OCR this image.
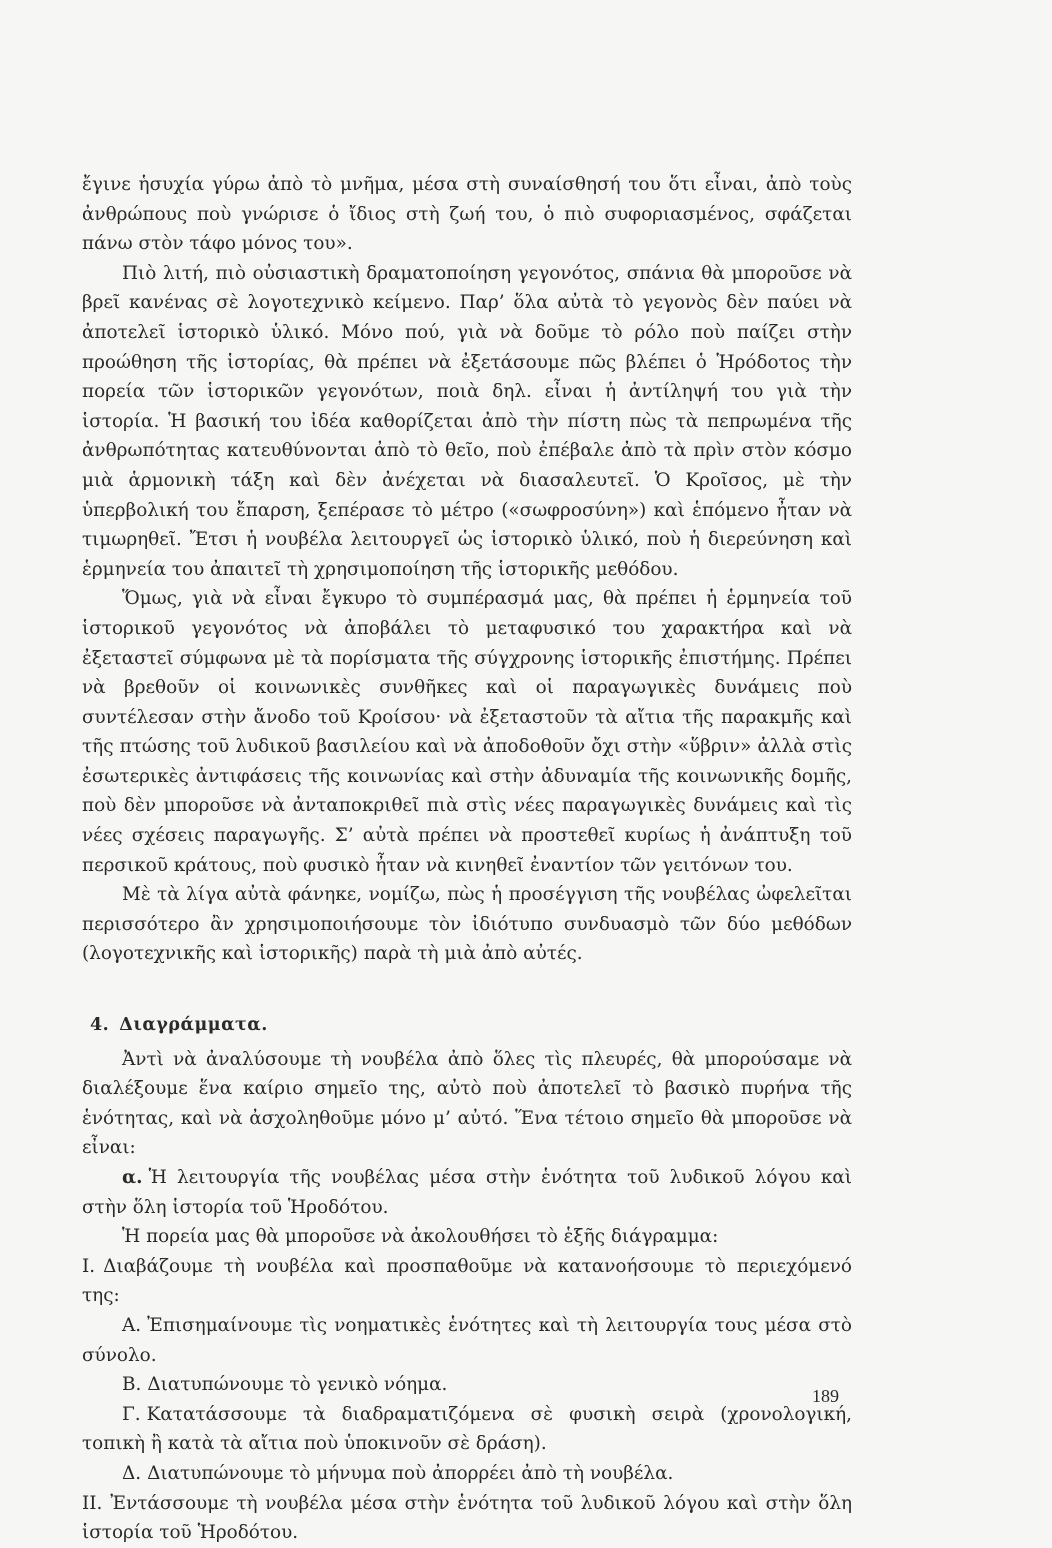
ἔγινε ἡσυχία γύρω ἀπὸ τὸ μνῆμα, μέσα στὴ συναίσθησή του ὅτι εἶναι, ἀπὸ τοὺς ἀνθρώπους ποὺ γνώρισε ὁ ἴδιος στὴ ζωή του, ὁ πιὸ συφοριασμένος, σφάζεται πάνω στὸν τάφο μόνος του».

Πιὸ λιτή, πιὸ οὐσιαστικὴ δραματοποίηση γεγονότος, σπάνια θὰ μποροῦσε νὰ βρεῖ κανένας σὲ λογοτεχνικὸ κείμενο. Παρ’ ὅλα αὐτὰ τὸ γεγονὸς δὲν παύει νὰ ἀποτελεῖ ἱστορικὸ ὑλικό. Μόνο πού, γιὰ νὰ δοῦμε τὸ ρόλο ποὺ παίζει στὴν προώθηση τῆς ἱστορίας, θὰ πρέπει νὰ ἐξετάσουμε πῶς βλέπει ὁ Ἡρόδοτος τὴν πορεία τῶν ἱστορικῶν γεγονότων, ποιὰ δηλ. εἶναι ἡ ἀντίληψή του γιὰ τὴν ἱστορία. Ἡ βασική του ἰδέα καθορίζεται ἀπὸ τὴν πίστη πὼς τὰ πεπρωμένα τῆς ἀνθρωπότητας κατευθύνονται ἀπὸ τὸ θεῖο, ποὺ ἐπέβαλε ἀπὸ τὰ πρὶν στὸν κόσμο μιὰ ἁρμονικὴ τάξη καὶ δὲν ἀνέχεται νὰ διασαλευτεῖ. Ὁ Κροῖσος, μὲ τὴν ὑπερβολική του ἔπαρση, ξεπέρασε τὸ μέτρο («σωφροσύνη») καὶ ἑπόμενο ἦταν νὰ τιμωρηθεῖ. Ἔτσι ἡ νουβέλα λειτουργεῖ ὡς ἱστορικὸ ὑλικό, ποὺ ἡ διερεύνηση καὶ ἑρμηνεία του ἀπαιτεῖ τὴ χρησιμοποίηση τῆς ἱστορικῆς μεθόδου.

Ὅμως, γιὰ νὰ εἶναι ἔγκυρο τὸ συμπέρασμά μας, θὰ πρέπει ἡ ἑρμηνεία τοῦ ἱστορικοῦ γεγονότος νὰ ἀποβάλει τὸ μεταφυσικό του χαρακτήρα καὶ νὰ ἐξεταστεῖ σύμφωνα μὲ τὰ πορίσματα τῆς σύγχρονης ἱστορικῆς ἐπιστήμης. Πρέπει νὰ βρεθοῦν οἱ κοινωνικὲς συνθῆκες καὶ οἱ παραγωγικὲς δυνάμεις ποὺ συντέλεσαν στὴν ἄνοδο τοῦ Κροίσου· νὰ ἐξεταστοῦν τὰ αἴτια τῆς παρακμῆς καὶ τῆς πτώσης τοῦ λυδικοῦ βασιλείου καὶ νὰ ἀποδοθοῦν ὄχι στὴν «ὕβριν» ἀλλὰ στὶς ἐσωτερικὲς ἀντιφάσεις τῆς κοινωνίας καὶ στὴν ἀδυναμία τῆς κοινωνικῆς δομῆς, ποὺ δὲν μποροῦσε νὰ ἀνταποκριθεῖ πιὰ στὶς νέες παραγωγικὲς δυνάμεις καὶ τὶς νέες σχέσεις παραγωγῆς. Σ’ αὐτὰ πρέπει νὰ προστεθεῖ κυρίως ἡ ἀνάπτυξη τοῦ περσικοῦ κράτους, ποὺ φυσικὸ ἦταν νὰ κινηθεῖ ἐναντίον τῶν γειτόνων του.

Μὲ τὰ λίγα αὐτὰ φάνηκε, νομίζω, πὼς ἡ προσέγγιση τῆς νουβέλας ὠφελεῖται περισσότερο ἂν χρησιμοποιήσουμε τὸν ἰδιότυπο συνδυασμὸ τῶν δύο μεθόδων (λογοτεχνικῆς καὶ ἱστορικῆς) παρὰ τὴ μιὰ ἀπὸ αὐτές.

4. Διαγράμματα.

Ἀντὶ νὰ ἀναλύσουμε τὴ νουβέλα ἀπὸ ὅλες τὶς πλευρές, θὰ μπορούσαμε νὰ διαλέξουμε ἕνα καίριο σημεῖο της, αὐτὸ ποὺ ἀποτελεῖ τὸ βασικὸ πυρήνα τῆς ἑνότητας, καὶ νὰ ἀσχοληθοῦμε μόνο μ’ αὐτό. Ἕνα τέτοιο σημεῖο θὰ μποροῦσε νὰ εἶναι:

α. Ἡ λειτουργία τῆς νουβέλας μέσα στὴν ἑνότητα τοῦ λυδικοῦ λόγου καὶ στὴν ὅλη ἱστορία τοῦ Ἡροδότου.

Ἡ πορεία μας θὰ μποροῦσε νὰ ἀκολουθήσει τὸ ἑξῆς διάγραμμα:

I. Διαβάζουμε τὴ νουβέλα καὶ προσπαθοῦμε νὰ κατανοήσουμε τὸ περιεχόμενό της:

Α. Ἐπισημαίνουμε τὶς νοηματικὲς ἑνότητες καὶ τὴ λειτουργία τους μέσα στὸ σύνολο.

Β. Διατυπώνουμε τὸ γενικὸ νόημα.

Γ. Κατατάσσουμε τὰ διαδραματιζόμενα σὲ φυσικὴ σειρὰ (χρονολογική, τοπικὴ ἢ κατὰ τὰ αἴτια ποὺ ὑποκινοῦν σὲ δράση).

Δ. Διατυπώνουμε τὸ μήνυμα ποὺ ἀπορρέει ἀπὸ τὴ νουβέλα.

II. Ἐντάσσουμε τὴ νουβέλα μέσα στὴν ἑνότητα τοῦ λυδικοῦ λόγου καὶ στὴν ὅλη ἱστορία τοῦ Ἡροδότου.

189
